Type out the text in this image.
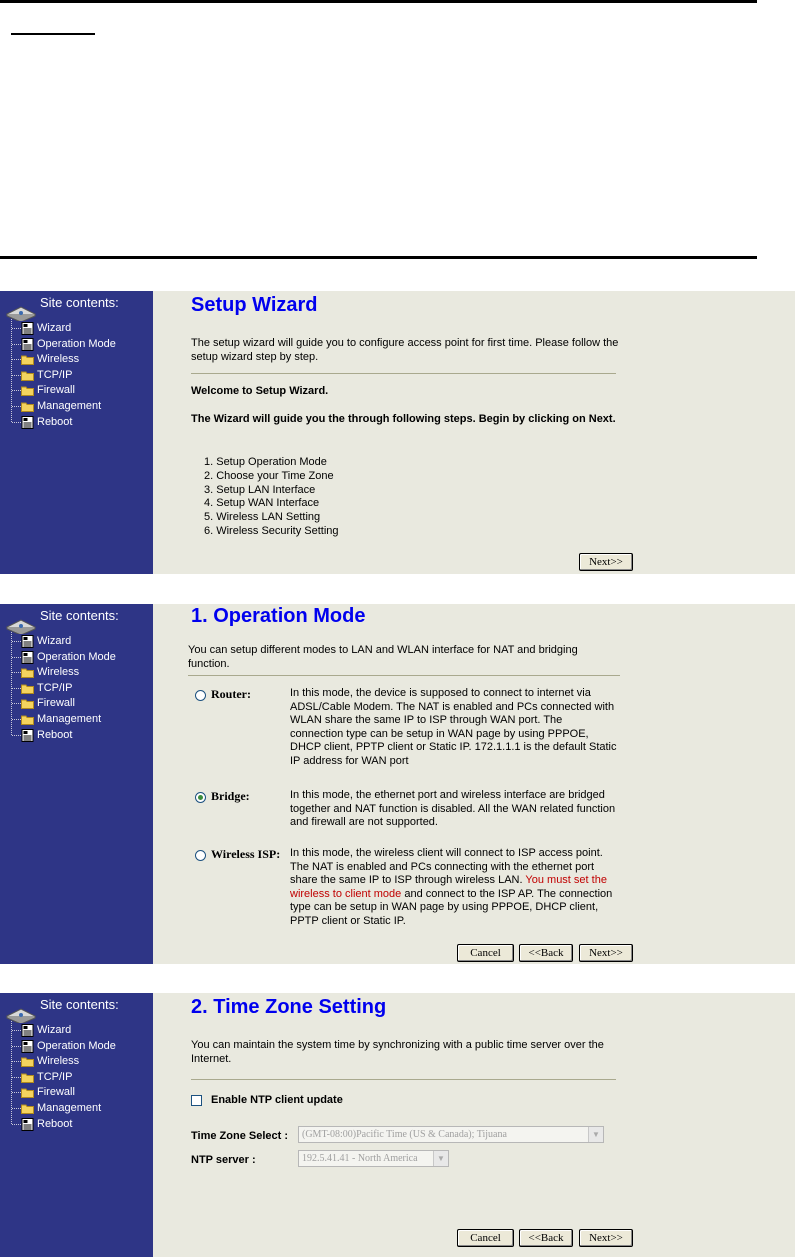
Site contents:
Wizard
Operation Mode
Wireless
TCP/IP
Firewall
Management
Reboot
Setup Wizard
The setup wizard will guide you to configure access point for first time. Please follow the setup wizard step by step.
Welcome to Setup Wizard.
The Wizard will guide you the through following steps. Begin by clicking on Next.
1. Setup Operation Mode
2. Choose your Time Zone
3. Setup LAN Interface
4. Setup WAN Interface
5. Wireless LAN Setting
6. Wireless Security Setting
Next>>
Site contents:
Wizard
Operation Mode
Wireless
TCP/IP
Firewall
Management
Reboot
1. Operation Mode
You can setup different modes to LAN and WLAN interface for NAT and bridging function.
Router:	In this mode, the device is supposed to connect to internet via ADSL/Cable Modem. The NAT is enabled and PCs connected with WLAN share the same IP to ISP through WAN port. The connection type can be setup in WAN page by using PPPOE, DHCP client, PPTP client or Static IP. 172.1.1.1 is the default Static IP address for WAN port
Bridge:	In this mode, the ethernet port and wireless interface are bridged together and NAT function is disabled. All the WAN related function and firewall are not supported.
Wireless ISP: In this mode, the wireless client will connect to ISP access point. The NAT is enabled and PCs connecting with the ethernet port share the same IP to ISP through wireless LAN. You must set the wireless to client mode and connect to the ISP AP. The connection type can be setup in WAN page by using PPPOE, DHCP client, PPTP client or Static IP.
Cancel	<<Back	Next>>
Site contents:
Wizard
Operation Mode
Wireless
TCP/IP
Firewall
Management
Reboot
2. Time Zone Setting
You can maintain the system time by synchronizing with a public time server over the Internet.
Enable NTP client update
Time Zone Select :	(GMT-08:00)Pacific Time (US & Canada); Tijuana	▼
NTP server :	192.5.41.41 - North America	▼
Cancel	<<Back	Next>>
